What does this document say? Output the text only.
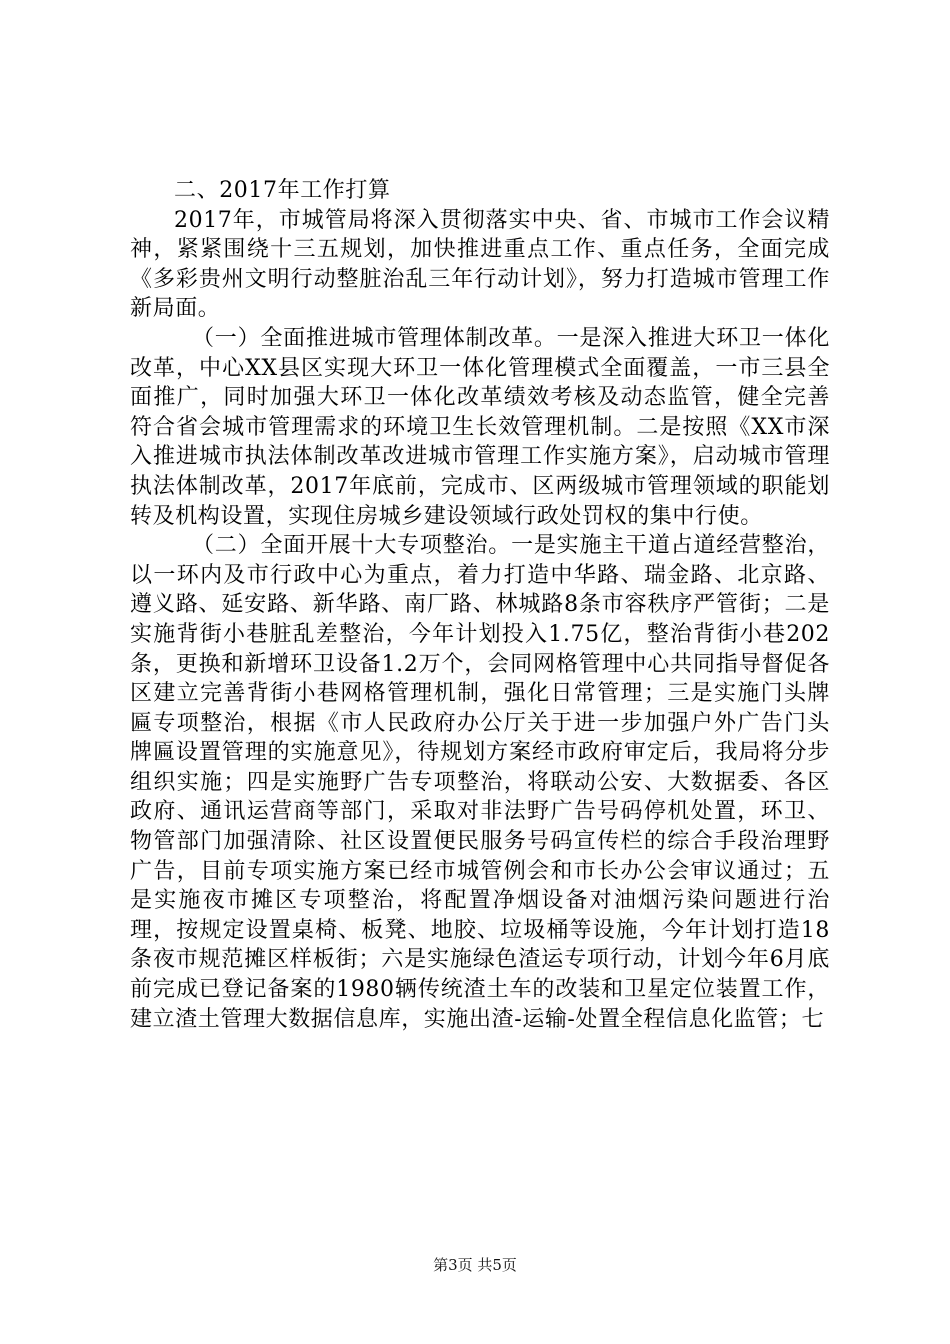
二、2017年工作打算

2017年，市城管局将深入贯彻落实中央、省、市城市工作会议精神，紧紧围绕十三五规划，加快推进重点工作、重点任务，全面完成《多彩贵州文明行动整脏治乱三年行动计划》，努力打造城市管理工作新局面。

（一）全面推进城市管理体制改革。一是深入推进大环卫一体化改革，中心XX县区实现大环卫一体化管理模式全面覆盖，一市三县全面推广，同时加强大环卫一体化改革绩效考核及动态监管，健全完善符合省会城市管理需求的环境卫生长效管理机制。二是按照《XX市深入推进城市执法体制改革改进城市管理工作实施方案》，启动城市管理执法体制改革，2017年底前，完成市、区两级城市管理领域的职能划转及机构设置，实现住房城乡建设领域行政处罚权的集中行使。

（二）全面开展十大专项整治。一是实施主干道占道经营整治，以一环内及市行政中心为重点，着力打造中华路、瑞金路、北京路、遵义路、延安路、新华路、南厂路、林城路8条市容秩序严管街；二是实施背街小巷脏乱差整治，今年计划投入1.75亿，整治背街小巷202条，更换和新增环卫设备1.2万个，会同网格管理中心共同指导督促各区建立完善背街小巷网格管理机制，强化日常管理；三是实施门头牌匾专项整治，根据《市人民政府办公厅关于进一步加强户外广告门头牌匾设置管理的实施意见》，待规划方案经市政府审定后，我局将分步组织实施；四是实施野广告专项整治，将联动公安、大数据委、各区政府、通讯运营商等部门，采取对非法野广告号码停机处置，环卫、物管部门加强清除、社区设置便民服务号码宣传栏的综合手段治理野广告，目前专项实施方案已经市城管例会和市长办公会审议通过；五是实施夜市摊区专项整治，将配置净烟设备对油烟污染问题进行治理，按规定设置桌椅、板凳、地胶、垃圾桶等设施，今年计划打造18条夜市规范摊区样板街；六是实施绿色渣运专项行动，计划今年6月底前完成已登记备案的1980辆传统渣土车的改装和卫星定位装置工作，建立渣土管理大数据信息库，实施出渣-运输-处置全程信息化监管；七

第3页 共5页
